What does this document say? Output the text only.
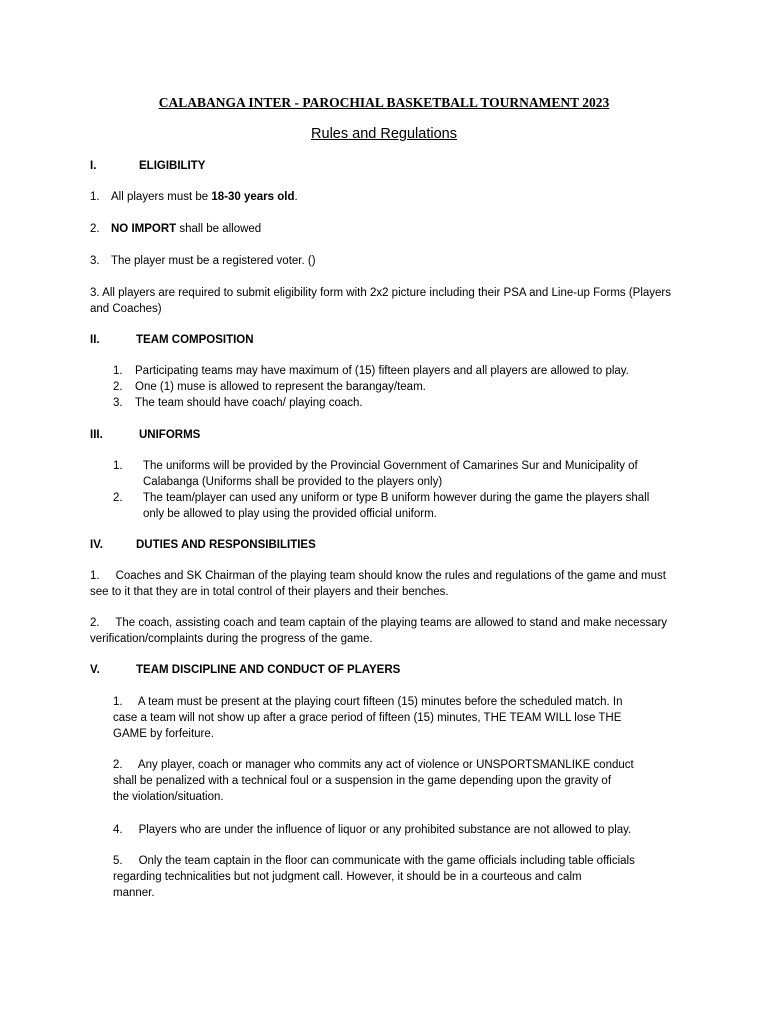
CALABANGA INTER - PAROCHIAL BASKETBALL TOURNAMENT 2023
Rules and Regulations
I.	ELIGIBILITY
1. All players must be 18-30 years old.
2. NO IMPORT shall be allowed
3. The player must be a registered voter. ()
3. All players are required to submit eligibility form with 2x2 picture including their PSA and Line-up Forms (Players
and Coaches)
II.	TEAM COMPOSITION
1. Participating teams may have maximum of (15) fifteen players and all players are allowed to play.
2. One (1) muse is allowed to represent the barangay/team.
3. The team should have coach/ playing coach.
III.	UNIFORMS
1. The uniforms will be provided by the Provincial Government of Camarines Sur and Municipality of
Calabanga (Uniforms shall be provided to the players only)
2. The team/player can used any uniform or type B uniform however during the game the players shall
only be allowed to play using the provided official uniform.
IV.	DUTIES AND RESPONSIBILITIES
1.     Coaches and SK Chairman of the playing team should know the rules and regulations of the game and must
see to it that they are in total control of their players and their benches.
2.     The coach, assisting coach and team captain of the playing teams are allowed to stand and make necessary
verification/complaints during the progress of the game.
V.	TEAM DISCIPLINE AND CONDUCT OF PLAYERS
1.     A team must be present at the playing court fifteen (15) minutes before the scheduled match. In
case a team will not show up after a grace period of fifteen (15) minutes, THE TEAM WILL lose THE
GAME by forfeiture.
2.     Any player, coach or manager who commits any act of violence or UNSPORTSMANLIKE conduct
shall be penalized with a technical foul or a suspension in the game depending upon the gravity of
the violation/situation.
4.     Players who are under the influence of liquor or any prohibited substance are not allowed to play.
5.     Only the team captain in the floor can communicate with the game officials including table officials
regarding technicalities but not judgment call. However, it should be in a courteous and calm
manner.
